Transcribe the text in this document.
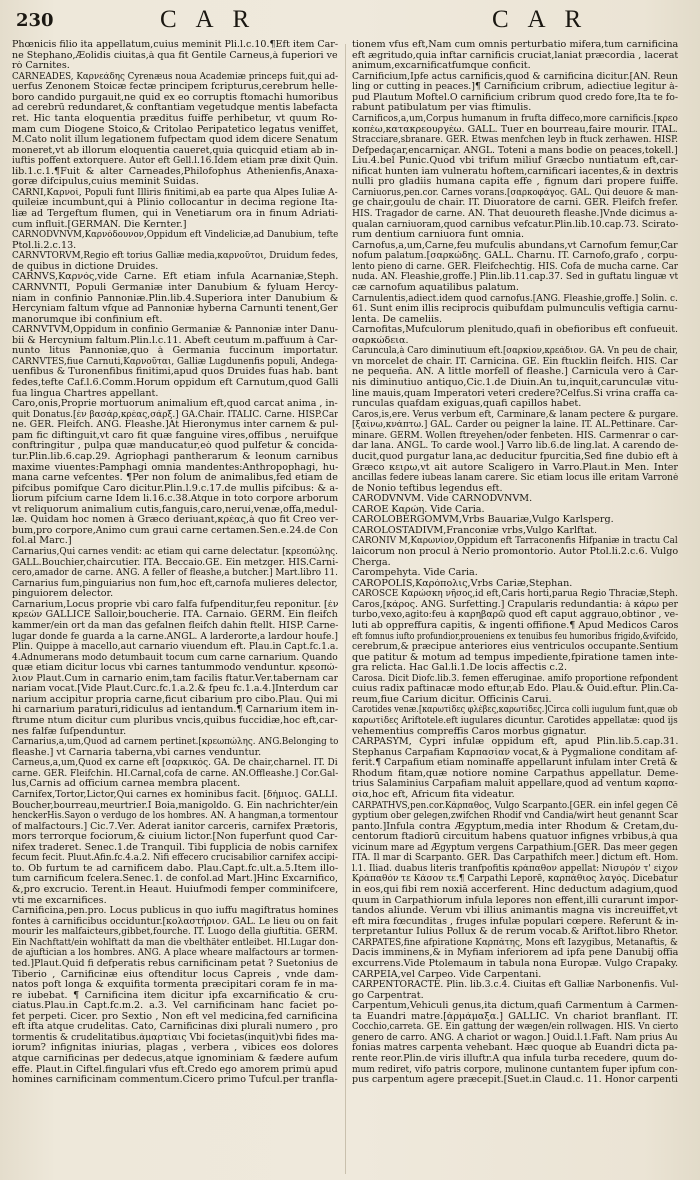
230	C A R	C A R
Phœnicis filio ita appellatum,cuius meminit Pli.l.c.10.¶Eft item Car-
ne Stephano,Æolidis ciuitas,à qua fit Gentile Carneus,à fuperiori ve
rò Carnites.
CARNEADES, Καρνεάδης Cyrenæus noua Academiæ princeps fuit,qui ad-
uerfus Zenonem Stoicæ fectæ principem fcripturus,cerebrum helle-
boro candido purgauit,ne quid ex eo corruptis ftomachi humoribus
ad cerebrū redundaret,& conftantiam vegetudque mentis labefacta
ret. Hic tanta eloquentia præditus fuiffe perhibetur, vt quum Ro-
mam cum Diogene Stoico,& Critolao Peripatetico legatus veniffet,
M.Cato nolit illum legationem fufpectam quod idem dicere Senatum
moneret,vt ab illorum eloquentia caueret,quia quicquid etiam ab in-
iuftis poffent extorquere. Autor eft Gell.l.16.Idem etiam præ dixit Quin.
lib.1.c.1.¶Fuit & alter Carneades,Philofophus Athenienfis,Anaxa-
goræ difcipulus,cuius meminit Suidas.
CARNI,Καρνοί, Populi funt Illiris finitimi,ab ea parte qua Alpes Iuliæ A-
quileiæ incumbunt,qui à Plinio collocantur in decima regione Ita-
liæ ad Tergeftum flumen, qui in Venetiarum ora in finum Adriati-
cum influit.[GERMAN. Die Kernter.]
CARNODVNVM,Καρνόδουνον,Oppidum eft Vindeliciæ,ad Danubium, tefte
Ptol.li.2.c.13.
CARNVTORVM,Regio eft torius Galliæ media,καρνοῦτοι, Druidum fedes,
de quibus in dictione Druides.
CARNVS,Καρνός,vide Carne. Eft etiam infula Acarnaniæ,Steph.
CARNVNTI, Populi Germaniæ inter Danubium & fyluam Hercy-
niam in confinio Pannoniæ.Plin.lib.4.Superiora inter Danubium &
Hercyniam faltum vfque ad Pannoniæ hyberna Carnunti tenent,Ger
manorumque ibi confinium eft.
CARNVTVM,Oppidum in confinio Germaniæ & Pannoniæ inter Danu-
bii & Hercynium faltum.Plin.l.c.11. Abeft ceutum m.paffuum à Car-
nunto litus Pannoniæ,quo à Germania fuccinum importatur.
CARNVTES,fiue Carnuti,Καρνοῦται, Galliæ Lugdunenfis populi, Andega-
uenfibus & Turonenfibus finitimi,apud quos Druides fuas hab. bant
fedes,tefte Caf.l.6.Comm.Horum oppidum eft Carnutum,quod Galli
fua lingua Chartres appellant.
Caro,onis,Proprie mortuorum animalium eft,quod carcat anima , in-
quit Donatus.[ἐν βασάρ,κρέας,σάρξ.] GA.Chair. ITALIC. Carne. HISP.Car
ne. GER. Fleifch. ANG. Fleashe.]At Hieronymus inter carnem & pul-
pam fic diftinguit,vt caro fit quæ fanguine vires,offibus , neruifque
conftringitur , pulpa quæ manducatur,eò quod pulfetur & concida-
tur.Plin.lib.6.cap.29. Agriophagi pantherarum & leonum carnibus
maxime viuentes:Pamphagi omnia mandentes:Anthropophagi, hu-
mana carne vefcentes. ¶Per non folum de animalibus,fed etiam de
pifcibus pomifque Caro dicitur.Plin.l.9.c.17.de mullis pifcibus: & a-
liorum pifcium carne Idem li.16.c.38.Atque in toto corpore arborum
vt reliquorum animalium cutis,fanguis,caro,neruí,venæ,offa,medul-
læ. Quidam hoc nomen à Græco deriuant,κρέας,à quo fit Creo ver-
bum,pro corpore,Animo cum graui carne certamen.Sen.e.24.de Con
fol.al Marc.]
Carnarius,Qui carnes vendit: ac etiam qui carne delectatur. [κρεοπώλης.
GALL.Bouchier,chaircutier. ITA. Beccaio.GE. Ein metzger. HIS.Carni-
cero,amador de carne. ANG. A feller of fleashe,a butcher.] Mart.libro 11.
Carnarius fum,pinguiarius non fum,hoc eft,carnofa mulieres delector,
pinguiorem delector.
Carnarium,Locus proprie vbi caro falfa fufpenditur,feu reponitur. [ἐν
κρεών GALLICE Salloir,boucherie. ITA. Carnaio. GERM. Ein fleifch
kammer/ein ort da man das gefalnen fleifch dahin ftellt. HISP. Carne-
lugar donde fe guarda a la carne.ANGL. A larderorte,a lardour houfe.]
Plin. Quippe à macello,aut carnario viuendum eft. Plau.in Capt.fc.1.a.
4.Adnumerans modo detumbauit tocum cum carne carnarium. Quando
quæ etiam dicitur locus vbi carnes tantummodo venduntur. κρεοπώ-
λιον Plaut.Cum in carnario enim,tam facilis ftatur.Ver.tabernam car
nariam vocat.[Vide Plaut.Curc.fc.1.a.2.& fpeu fc.1.a.4.]Interdum car
narium accipitur propria carne,ficut cibarium pro cibo.Plau. Qui mi
hi carnarium paraturi,ridiculus ad ientandum.¶ Carnarium item in-
ftrume ntum dicitur cum pluribus vncis,quibus fuccidiæ,hoc eft,car-
nes falfæ ſuſpenduntur.
Carnarius,a,um,Quod ad carnem pertinet.[κρεωπώλης. ANG.Belonging to
fleashe.] vt Carnaria taberna,vbi carnes venduntur.
Carneus,a,um,Quod ex carne eft [σαρκικός. GA. De chair,charnel. IT. Di
carne. GER. Fleifchin. HI.Carnal,cofa de carne. AN.Offleashe.] Cor.Gal-
lus,Carnis ad officium carnea membra placent.
Carnifex,Tortor,Lictor,Qui carnes ex hominibus facit. [δήμιος. GALLI.
Boucher,bourreau,meurtrier.I Boia,manigoldo. G. Ein nachrichter/ein
henckerHis.Sayon o verdugo de los hombres. AN. A hangman,a tormentour
of malfactours.] Cic.7.Ver. Aderat ianitor carceris, carnifex Prætoris,
mors terrorque fociorum,& ciuium lictor.[Non fuperfunt quod Car-
nifex traderet. Senec.1.de Tranquil. Tibi fupplicia de nobis carnifex
fecum fecit. Pluut.Afin.fc.4.a.2. Nifi effecero crucisabilior carnifex accipi-
to. Ob furtum te ad carnificem dabo. Plau.Capt.fc.ult.a.5.Item illo-
tum carnificum fcelera.Senec.1. de confol.ad Mart.]Hinc Excarnifico,
&,pro excrucio. Terent.in Heaut. Huiufmodi femper comminifcere,
vti me excarnifices.
Carnificina,pen.pro. Locus publicus in quo iuffu magiftratus homines
fontes à carnificibus occiduntur.[κολαστήριον. GAL. Le lieu ou on fait
mourir les malfaicteurs,gibbet,fourche. IT. Luogo della giuftitia. GERM.
Ein Nachftatt/ein wohlftatt da man die vbelthäter entleibet. HI.Lugar don-
de ajuftician a los hombres. ANG. A place wheare malfactours ar tormen-
ted.]Plaut.Quid fi defperatis rebus carnificinam petat ? Suetonius de
Tiberio , Carnificinæ eius oftenditur locus Capreis , vnde dam-
natos poft longa & exquifita tormenta præcipitari coram fe in ma-
re iubebat. ¶ Carnificina item dicitur ipfa excarnificatio & cru-
ciatus.Plau.in Capt.fc.m.2. a.3. Vel carnificinam hanc faciet po-
fet perpeti. Cicer. pro Sextio , Non eft vel medicina,fed carnificina
eft ifta atque crudelitas. Cato, Carnificinas dixi plurali numero , pro
tormentis & crudelitatibus.ἁμαρτίαις Vbi focietas(inquit)vbi fides ma-
iorum? infignitas iniurias, plagas , verbera , vibices eos dolores
atque carnificinas per dedecus,atque ignominiam & fædere aufum
effe. Plaut.in Ciftel.fingulari vfus eft.Credo ego amorem primù apud
homines carnificinam commentum.Cicero primo Tufcul.per tranfla-
tionem vfus eft,Nam cum omnis perturbatio mifera,tum carnificina
eft ægritudo,quia inftar carnificis cruciat,laniat præcordia , lacerat
animum,excarnificatfumque conficit.
Carnificium,Ipfe actus carnificis,quod & carnificina dicitur.[AN. Reun
ling or cutting in peaces.]¶ Carnificium cribrum, adiectiue legitur à-
pud Plautum Moftel.O carnificium cribrum quod credo fore,Ita te fo-
rabunt patibulatum per vias ftimulis.
Carnificos,a,um,Corpus humanum in frufta diffeco,more carnificis.[κρεο
κοπέω,κατακρεουργέω. GALL. Tuer en bourreau,faire mourir. ITAL.
Stracciare,sbranare. GER. Etwas menfchen leyb in ftuck zerhawen. HISP.
Defpedaçar,encarniçar. ANGL. Toteni a mans bodie on peaces,tokell.]
Liu.4.bel Punic.Quod vbi trifum miliuf Græcbo nuntiatum eft,car-
nificat hunten iam vulneratu hoftem,carnificari iacentes,& in dextris
nulli pro gladiis humana capita effe , fignum dari propere fuiffe.
Carniuorus,pen.cor. Carnes vorans.[σαρκοφάγος. GAL. Qui deuore & man-
ge chair,goulu de chair. IT. Diuoratore de carni. GER. Fleifch frefer.
HIS. Tragador de carne. AN. That deuoureth fleashe.]Vnde dicimus a-
qualan carniuoram,quod carnibus vefcatur.Plin.lib.10.cap.73. Scirato-
rum dentium carniuora funt omnia.
Carnofus,a,um,Carne,feu mufculis abundans,vt Carnofum femur,Car
nofum palatum.[σαρκώδης. GALL. Charnu. IT. Carnofo,grafo , corpu-
lento pieno di carne. GER. Fleifchechtig. HIS. Cofa de mucha carne. Car
nuda. AN. Fleashie,groffe.] Plin.lib.11.cap.37. Sed in guftatu linguæ vt
cæ carnofum aquatilibus palatum.
Carnulentis,adiect.idem quod carnofus.[ANG. Fleashie,groffe.] Solin. c.
61. Sunt enim illis reciprocis quibufdam pulmunculis veftigia carnu-
lenta. De cameliis.
Carnofitas,Mufculorum plenitudo,quafi in obefioribus eft confueuit.
σαρκώδεια.
Caruncula,à Caro diminutiuum eft.[σαρκίον,κρεάδιον. GA. Vn peu de chair,
vn morcelet de chair. IT. Carnicina. GE. Ein ftucklin fleifch. HIS. Car
ne pequeña. AN. A little morfell of fleashe.] Carnicula vero à Car-
nis diminutiuo antiquo,Cic.1.de Diuin.An tu,inquit,carunculæ vitu-
line mauis,quam Imperatori veteri credere?Celfus.Si vrina craffa ca-
runculas quafdam exiguas,quafi capillos habet.
Caros,is,ere. Verus verbum eft, Carminare,& lanam pectere & purgare.
[ξαίνω,κνάπτω.] GAL. Carder ou peigner la laine. IT. AL.Pettinare. Car-
minare. GERM. Wollen ftreyehen/oder fenbeten. HIS. Carmenrar o car-
dar lana. ANGL. To carde wool.] Varro lib.6.de ling.lat. A carendo de-
ducit,quod purgatur lana,ac deducitur fpurcitia,Sed fine dubio eft à
Græco κειρω,vt ait autore Scaligero in Varro.Plaut.in Men. Inter
ancillas federe iubeas lanam carere. Sic etiam locus ille eritam Varroné
de Nonio teftibus legendus eft.
CARODVNVM. Vide CARNODVNVM.
CAROE Καρώη. Vide Caria.
CAROLOBERGOMVM,Vrbs Bauariæ,Vulgo Karlsperg.
CAROLOSTADIVM,Franconiæ vrbs,Vulgo Karlftat.
CARONIV M,Καρωνίον,Oppidum eft Tarraconenfis Hifpaniæ in tractu Cal
laicorum non procul à Nerio promontorio. Autor Ptol.li.2.c.6. Vulgo
Cherga.
Carompehyta. Vide Caria.
CAROPOLIS,Καρόπολις,Vrbs Cariæ,Stephan.
CAROSCE Καρώσκη νῆσος,id eft,Caris horti,parua Regio Thraciæ,Steph.
Caros,[κάρος. ANG. Surfetting.] Crapularis redundantia: à κάρω per
turbo,vexo,agito:feu à καρηβαρῶ quod eft caput aggrauo,obtinor , ve-
luti ab oppreffura capitis, & ingenti offifione.¶ Apud Medicos Caros
eft fomnus iufto profundior,proueniens ex tenuibus feu humoribus frigido,&vifcido,
cerebrum,& præcipue anteriores eius ventriculos occupante.Sentium
que patitur & motum ad tempus impediente,fpiratione tamen inte-
gra relicta. Hac Gal.li.1.De locis affectis c.2.
Carosa. Dicit Diofc.lib.3. femen efferuginae. amifo proportione refpondent
cuius radix paftinacæ modo eftur,ab Edo. Plau.& Ouid.eftur. Plin.Ca-
reum,fiue Carium dicitur. Officinis Carui.
Carotides venæ.[καρωτίδες φλέβες,καρωτίδες.]Circa colli iugulum funt,quæ ob
καρωτίδες Ariftotele.eft iugulares dicuntur. Carotides appellatæ: quod ijs
vehementius compreffis Caros morbus gignatur.
CARPASYM, Cypri infulæ oppidum eft, apud Plin.lib.5.cap.31.
Stephanus Carpafiam Καρπασίαν vocat,& à Pygmalione conditam af-
ferit.¶ Carpafium etiam nominaffe appellarunt infulam inter Cretā &
Rhodum fitam,quæ notiore nomine Carpathus appellatur. Deme-
trius Salaminius Carpafiam maluit appellare,quod ad ventum καρπα-
σία,hoc eft, Africum fita videatur.
CARPATHVS,pen.cor.Κάρπαθος, Vulgo Scarpanto.[GER. ein infel gegen Cē
gyptium ober gelegen,zwifchen Rhodif vnd Candia/wirt heut genannt Scar
panto.]Infula contra Ægyptum,media inter Rhodum & Cretam,du-
centorum ftadiorū circuitum habens quatuor infignes vrbibus,à qua
vicinum mare ad Ægyptum vergens Carpathium.[GER. Das meer gegen
ITA. Il mar di Scarpanto. GER. Das Carpathifch meer.] dictum eft. Hom.
l.1. Iliad. duabus literis tranfpofitis κράπαθον appellat: Νίσυρόν τ' εἶχον
Κράπαθόν τε Κάσον τε.¶ Carpathi Leporē, καρπάθιος λαγός. Dicebatur
in eos,qui fibi rem noxiā accerferent. Hinc deductum adagium,quod
quum in Carpathiorum infula lepores non effent,illi curarunt impor-
tandos aliunde. Verum vbi illius animantis magna vis increuiffet,vt
eft mira fœcunditas , fruges infulæ populari cœpere. Referunt & in-
terpretantur Iulius Pollux & de rerum vocab.& Ariftot.libro Rhetor.
CARPATES,fine afpiratione Καρπάτης, Mons eft Iazygibus, Metanaftis, &
Dacis imminens,& in Myfiam inferiorem ad ipfa pene Danubij offia
excurrens.Vide Ptolemaum in tabula nona Europæ. Vulgo Crapaky.
CARPEIA,vel Carpeo. Vide Carpentani.
CARPENTORACTE. Plin. lib.3.c.4. Ciuitas eft Galliæ Narbonenfis. Vul-
go Carpentrat.
Carpentum,Vehiculi genus,ita dictum,quafi Carmentum à Carmen-
ta Euandri matre.[ἁρμάμαξα.] GALLIC. Vn chariot branflant. IT.
Cocchio,carreta. GE. Ein gattung der wægen/ein rollwagen. HIS. Vn cierto
genero de carro. ANG. A chariot or wagon.] Ouid.l.1.Faft. Nam prius Au
fonias matres carpenta vehebant. Hæc quoque ab Euandri dicta pa-
rente reor.Plin.de viris illuftr.A qua infula turba recedere, quum do-
mum rediret, vifo patris corpore, mulinone cuntantem fuper ipfum con-
pus carpentum agere præcepit.[Suet.in Claud.c. 11. Honor carpenti
